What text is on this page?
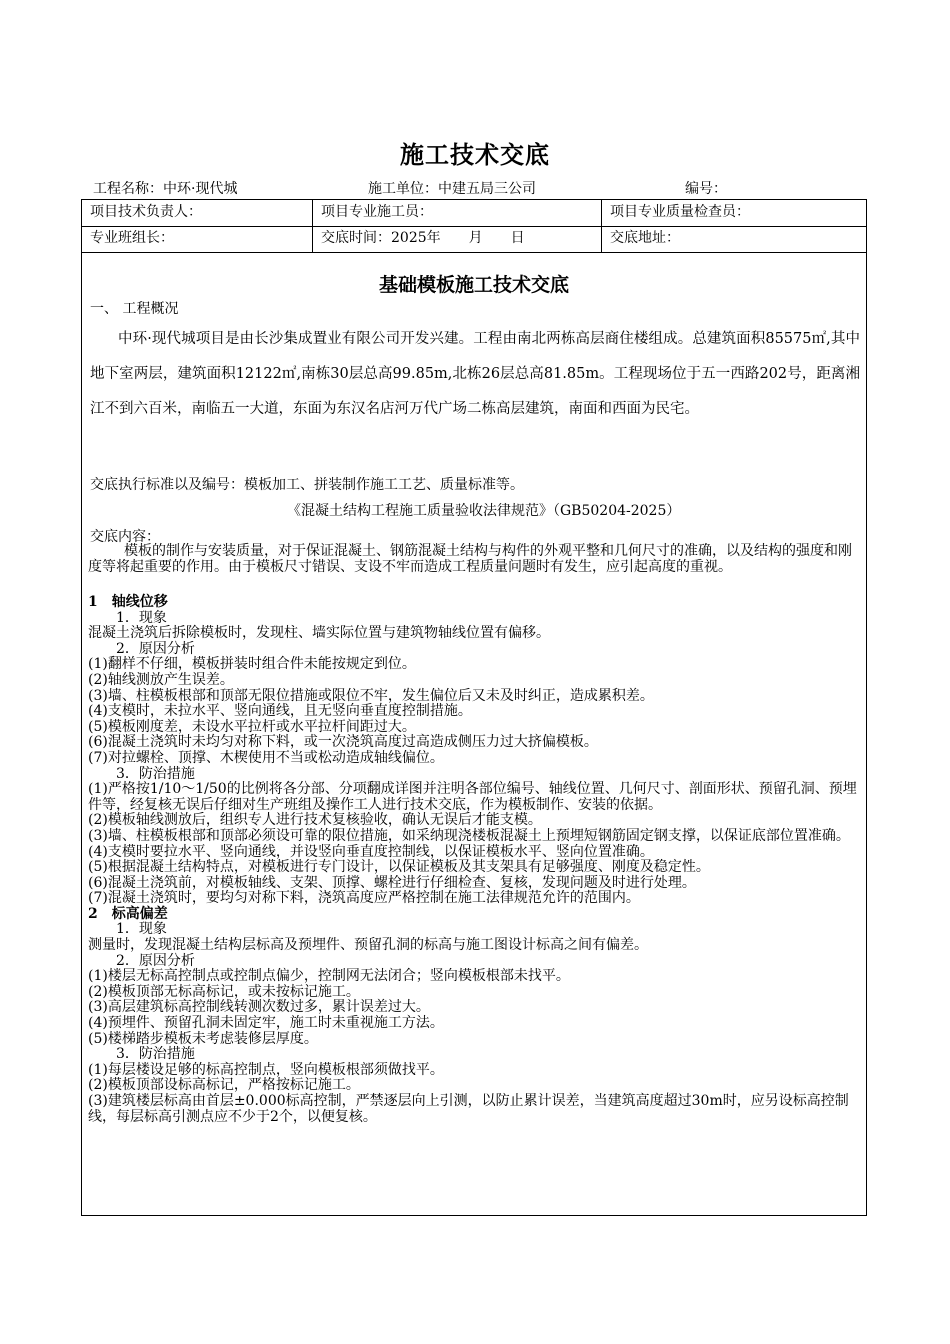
施工技术交底
工程名称：中环·现代城	施工单位：中建五局三公司	编号：
项目技术负责人：	项目专业施工员：	项目专业质量检查员：
专业班组长：	交底时间：2025年　　月　　日	交底地址：
基础模板施工技术交底
一、 工程概况
中环·现代城项目是由长沙集成置业有限公司开发兴建。工程由南北两栋高层商住楼组成。总建筑面积85575㎡,其中地下室两层，建筑面积12122㎡,南栋30层总高99.85m,北栋26层总高81.85m。工程现场位于五一西路202号，距离湘江不到六百米，南临五一大道，东面为东汉名店河万代广场二栋高层建筑，南面和西面为民宅。
交底执行标准以及编号：模板加工、拼装制作施工工艺、质量标准等。
《混凝土结构工程施工质量验收法律规范》（GB50204-2025）
交底内容：
模板的制作与安装质量，对于保证混凝土、钢筋混凝土结构与构件的外观平整和几何尺寸的准确，以及结构的强度和刚度等将起重要的作用。由于模板尺寸错误、支设不牢而造成工程质量问题时有发生，应引起高度的重视。
1　轴线位移
　　1．现象
混凝土浇筑后拆除模板时，发现柱、墙实际位置与建筑物轴线位置有偏移。
　　2．原因分析
(1)翻样不仔细，模板拼装时组合件未能按规定到位。
(2)轴线测放产生误差。
(3)墙、柱模板根部和顶部无限位措施或限位不牢，发生偏位后又未及时纠正，造成累积差。
(4)支模时，未拉水平、竖向通线，且无竖向垂直度控制措施。
(5)模板刚度差，未设水平拉杆或水平拉杆间距过大。
(6)混凝土浇筑时未均匀对称下料，或一次浇筑高度过高造成侧压力过大挤偏模板。
(7)对拉螺栓、顶撑、木楔使用不当或松动造成轴线偏位。
　　3．防治措施
(1)严格按1/10～1/50的比例将各分部、分项翻成详图并注明各部位编号、轴线位置、几何尺寸、剖面形状、预留孔洞、预埋件等，经复核无误后仔细对生产班组及操作工人进行技术交底，作为模板制作、安装的依据。
(2)模板轴线测放后，组织专人进行技术复核验收，确认无误后才能支模。
(3)墙、柱模板根部和顶部必须设可靠的限位措施，如采纳现浇楼板混凝土上预埋短钢筋固定钢支撑，以保证底部位置准确。
(4)支模时要拉水平、竖向通线，并设竖向垂直度控制线，以保证模板水平、竖向位置准确。
(5)根据混凝土结构特点，对模板进行专门设计，以保证模板及其支架具有足够强度、刚度及稳定性。
(6)混凝土浇筑前，对模板轴线、支架、顶撑、螺栓进行仔细检查、复核，发现问题及时进行处理。
(7)混凝土浇筑时，要均匀对称下料，浇筑高度应严格控制在施工法律规范允许的范围内。
2　标高偏差
　　1．现象
测量时，发现混凝土结构层标高及预埋件、预留孔洞的标高与施工图设计标高之间有偏差。
　　2．原因分析
(1)楼层无标高控制点或控制点偏少，控制网无法闭合；竖向模板根部未找平。
(2)模板顶部无标高标记，或未按标记施工。
(3)高层建筑标高控制线转测次数过多，累计误差过大。
(4)预埋件、预留孔洞未固定牢，施工时未重视施工方法。
(5)楼梯踏步模板未考虑装修层厚度。
　　3．防治措施
(1)每层楼设足够的标高控制点，竖向模板根部须做找平。
(2)模板顶部设标高标记，严格按标记施工。
(3)建筑楼层标高由首层±0.000标高控制，严禁逐层向上引测，以防止累计误差，当建筑高度超过30m时，应另设标高控制线，每层标高引测点应不少于2个，以便复核。
